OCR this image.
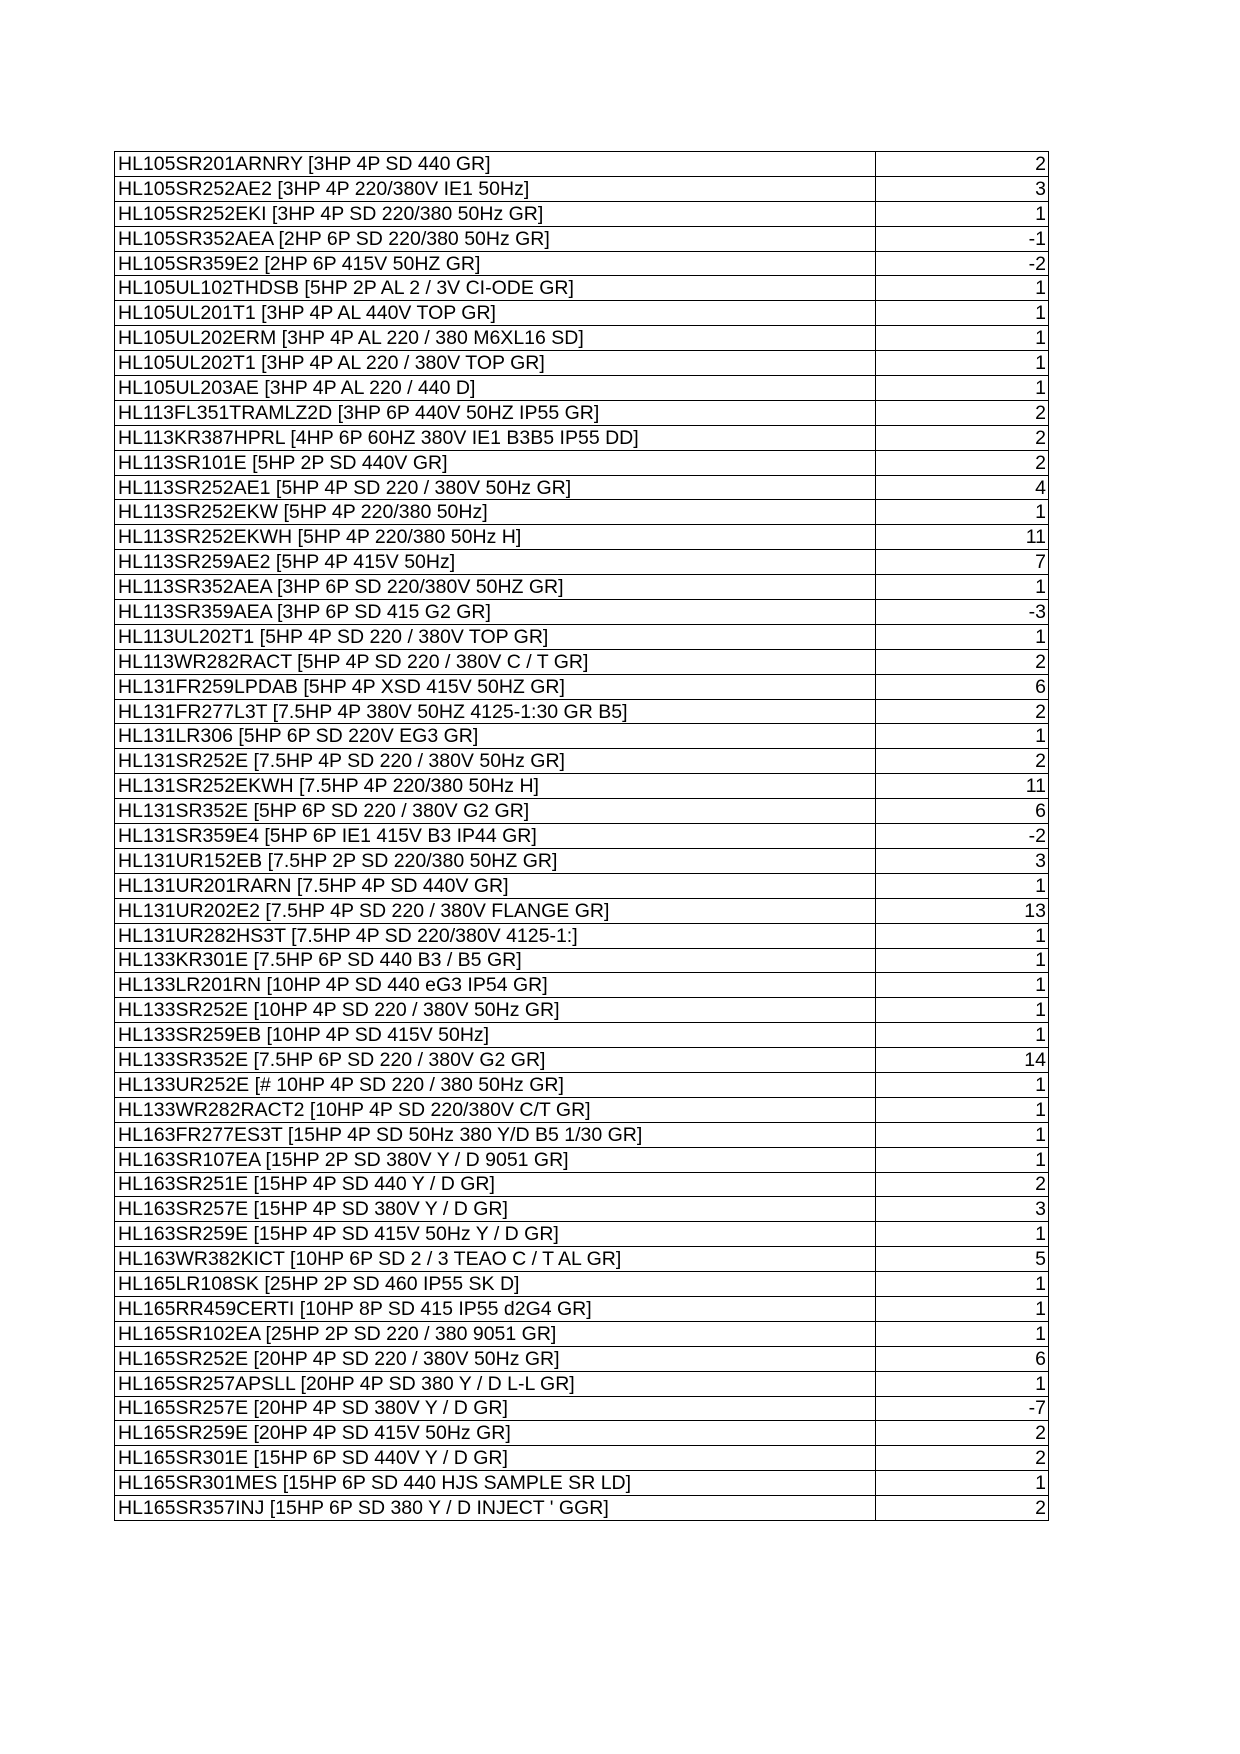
HL105SR201ARNRY [3HP 4P SD 440 GR]	2
HL105SR252AE2 [3HP 4P 220/380V IE1 50Hz]	3
HL105SR252EKI [3HP 4P SD 220/380 50Hz GR]	1
HL105SR352AEA [2HP 6P SD 220/380 50Hz GR]	-1
HL105SR359E2 [2HP 6P 415V 50HZ GR]	-2
HL105UL102THDSB [5HP 2P AL 2 / 3V CI-ODE GR]	1
HL105UL201T1 [3HP 4P AL 440V TOP GR]	1
HL105UL202ERM [3HP 4P AL 220 / 380 M6XL16 SD]	1
HL105UL202T1 [3HP 4P AL 220 / 380V TOP GR]	1
HL105UL203AE [3HP 4P AL 220 / 440 D]	1
HL113FL351TRAMLZ2D [3HP 6P 440V 50HZ IP55 GR]	2
HL113KR387HPRL [4HP 6P 60HZ 380V IE1 B3B5 IP55 DD]	2
HL113SR101E [5HP 2P SD 440V GR]	2
HL113SR252AE1 [5HP 4P SD 220 / 380V 50Hz GR]	4
HL113SR252EKW [5HP 4P 220/380 50Hz]	1
HL113SR252EKWH [5HP 4P 220/380 50Hz H]	11
HL113SR259AE2 [5HP 4P 415V 50Hz]	7
HL113SR352AEA [3HP 6P SD 220/380V 50HZ GR]	1
HL113SR359AEA [3HP 6P SD 415 G2 GR]	-3
HL113UL202T1 [5HP 4P SD 220 / 380V TOP GR]	1
HL113WR282RACT [5HP 4P SD 220 / 380V C / T GR]	2
HL131FR259LPDAB [5HP 4P XSD 415V 50HZ GR]	6
HL131FR277L3T [7.5HP 4P 380V 50HZ 4125-1:30 GR B5]	2
HL131LR306 [5HP 6P SD 220V EG3 GR]	1
HL131SR252E [7.5HP 4P SD 220 / 380V 50Hz GR]	2
HL131SR252EKWH [7.5HP 4P 220/380 50Hz H]	11
HL131SR352E [5HP 6P SD 220 / 380V G2 GR]	6
HL131SR359E4 [5HP 6P IE1 415V B3 IP44 GR]	-2
HL131UR152EB [7.5HP 2P SD 220/380 50HZ GR]	3
HL131UR201RARN [7.5HP 4P SD 440V GR]	1
HL131UR202E2 [7.5HP 4P SD 220 / 380V FLANGE GR]	13
HL131UR282HS3T [7.5HP 4P SD 220/380V 4125-1:]	1
HL133KR301E [7.5HP 6P SD 440 B3 / B5 GR]	1
HL133LR201RN [10HP 4P SD 440 eG3 IP54 GR]	1
HL133SR252E [10HP 4P SD 220 / 380V 50Hz GR]	1
HL133SR259EB [10HP 4P SD 415V 50Hz]	1
HL133SR352E [7.5HP 6P SD 220 / 380V G2 GR]	14
HL133UR252E [# 10HP 4P SD 220 / 380 50Hz GR]	1
HL133WR282RACT2 [10HP 4P SD 220/380V C/T GR]	1
HL163FR277ES3T [15HP 4P SD 50Hz 380 Y/D B5 1/30 GR]	1
HL163SR107EA [15HP 2P SD 380V Y / D 9051 GR]	1
HL163SR251E [15HP 4P SD 440 Y / D GR]	2
HL163SR257E [15HP 4P SD 380V Y / D GR]	3
HL163SR259E [15HP 4P SD 415V 50Hz Y / D GR]	1
HL163WR382KICT [10HP 6P SD 2 / 3 TEAO C / T AL GR]	5
HL165LR108SK [25HP 2P SD 460 IP55 SK D]	1
HL165RR459CERTI [10HP 8P SD 415 IP55 d2G4 GR]	1
HL165SR102EA [25HP 2P SD 220 / 380 9051 GR]	1
HL165SR252E [20HP 4P SD 220 / 380V 50Hz GR]	6
HL165SR257APSLL [20HP 4P SD 380 Y / D L-L GR]	1
HL165SR257E [20HP 4P SD 380V Y / D GR]	-7
HL165SR259E [20HP 4P SD 415V 50Hz GR]	2
HL165SR301E [15HP 6P SD 440V Y / D GR]	2
HL165SR301MES [15HP 6P SD 440 HJS SAMPLE SR LD]	1
HL165SR357INJ [15HP 6P SD 380 Y / D INJECT ' GGR]	2
